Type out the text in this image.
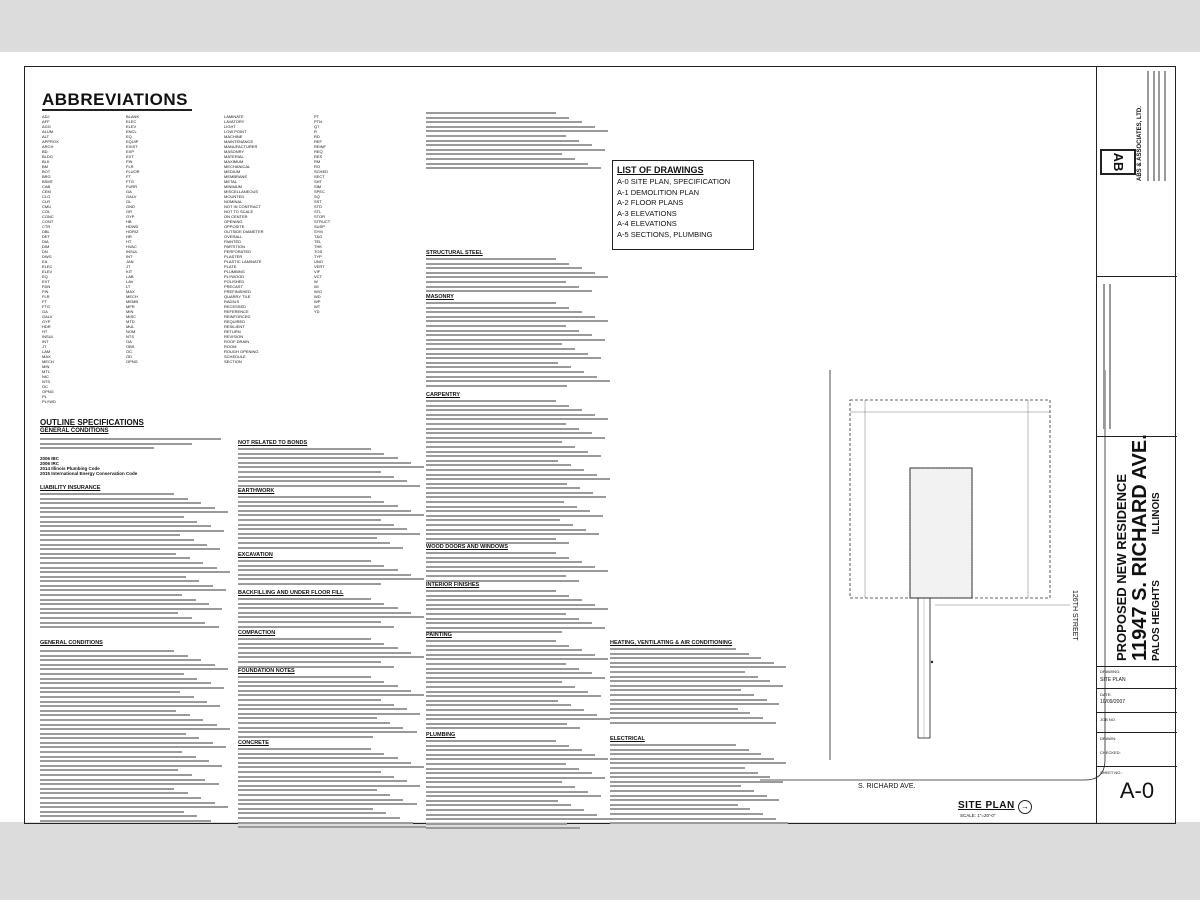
ABBREVIATIONS
ADJ
AFF
AGG
ALUM
ALT
APPROX
ARCH
BD
BLDG
BLK
BM
BOT
BRG
BSMT
CAB
CEM
CLG
CLR
CMU
COL
CONC
CONT
CTR
DBL
DET
DIA
DIM
DN
DWG
EA
ELEC
ELEV
EQ
EXT
FDN
FIN
FLR
FT
FTG
GA
GALV
GYP
HDR
HT
INSUL
INT
JT
LAM
MAX
MECH
MIN
MTL
NIC
NTS
OC
OPNG
PL
PLYWD
BLANK
ELEC
ELEV
ENCL
EQ
EQUIP
EXIST
EXP
EXT
FIN
FLR
FLUOR
FT
FTG
FURR
GA
GALV
GL
GND
GR
GYP
HB
HDWD
HORIZ
HR
HT
HVAC
INSUL
INT
JAN
JT
KIT
LAB
LAV
LT
MAX
MECH
MEMB
MFR
MIN
MISC
MTD
MUL
NOM
NTS
OA
OBS
OC
OD
OPNG
LAMINATE
LAVATORY
LIGHT
LOW POINT
MACHINE
MAINTENANCE
MANUFACTURER
MASONRY
MATERIAL
MAXIMUM
MECHANICAL
MEDIUM
MEMBRANE
METAL
MINIMUM
MISCELLANEOUS
MOUNTED
NOMINAL
NOT IN CONTRACT
NOT TO SCALE
ON CENTER
OPENING
OPPOSITE
OUTSIDE DIAMETER
OVERALL
PAINTED
PARTITION
PERFORATED
PLASTER
PLASTIC LAMINATE
PLATE
PLUMBING
PLYWOOD
POLISHED
PRECAST
PREFINISHED
QUARRY TILE
RADIUS
RECESSED
REFERENCE
REINFORCED
REQUIRED
RESILIENT
RETURN
REVISION
ROOF DRAIN
ROOM
ROUGH OPENING
SCHEDULE
SECTION
PT
PTN
QT
R
RD
REF
REINF
REQ
RES
RM
RO
SCHED
SECT
SHT
SIM
SPEC
SQ
SST
STD
STL
STOR
STRUCT
SUSP
SYM
T&G
TEL
THK
TOS
TYP
UNO
VERT
VIF
VCT
W
W/
W/O
WD
WP
WT
YD
OUTLINE SPECIFICATIONS
GENERAL CONDITIONS
2006 IBC
2006 IRC
2014 Illinois Plumbing Code
2015 International Energy Conservation Code
LIABILITY INSURANCE
GENERAL CONDITIONS
NOT RELATED TO BONDS
EARTHWORK
EXCAVATION
BACKFILLING AND UNDER FLOOR FILL
COMPACTION
FOUNDATION NOTES
CONCRETE
STRUCTURAL STEEL
MASONRY
CARPENTRY
WOOD DOORS AND WINDOWS
INTERIOR FINISHES
PAINTING
PLUMBING
HEATING, VENTILATING & AIR CONDITIONING
ELECTRICAL
LIST OF DRAWINGS
A-0 SITE PLAN, SPECIFICATION
A-1 DEMOLITION PLAN
A-2 FLOOR PLANS
A-3 ELEVATIONS
A-4 ELEVATIONS
A-5 SECTIONS, PLUMBING
126TH STREET
S. RICHARD AVE.
SITE PLAN
SCALE: 1"=20'-0"
→
AB	ABS & ASSOCIATES, LTD.
PROPOSED NEW RESIDENCE 11947 S. RICHARD AVE. PALOS HEIGHTS  ILLINOIS
DRAWING:
SITE PLAN
DATE:
10/09/2007
JOB NO.
DRAWN:
CHECKED:
SHEET NO.:
A-0
